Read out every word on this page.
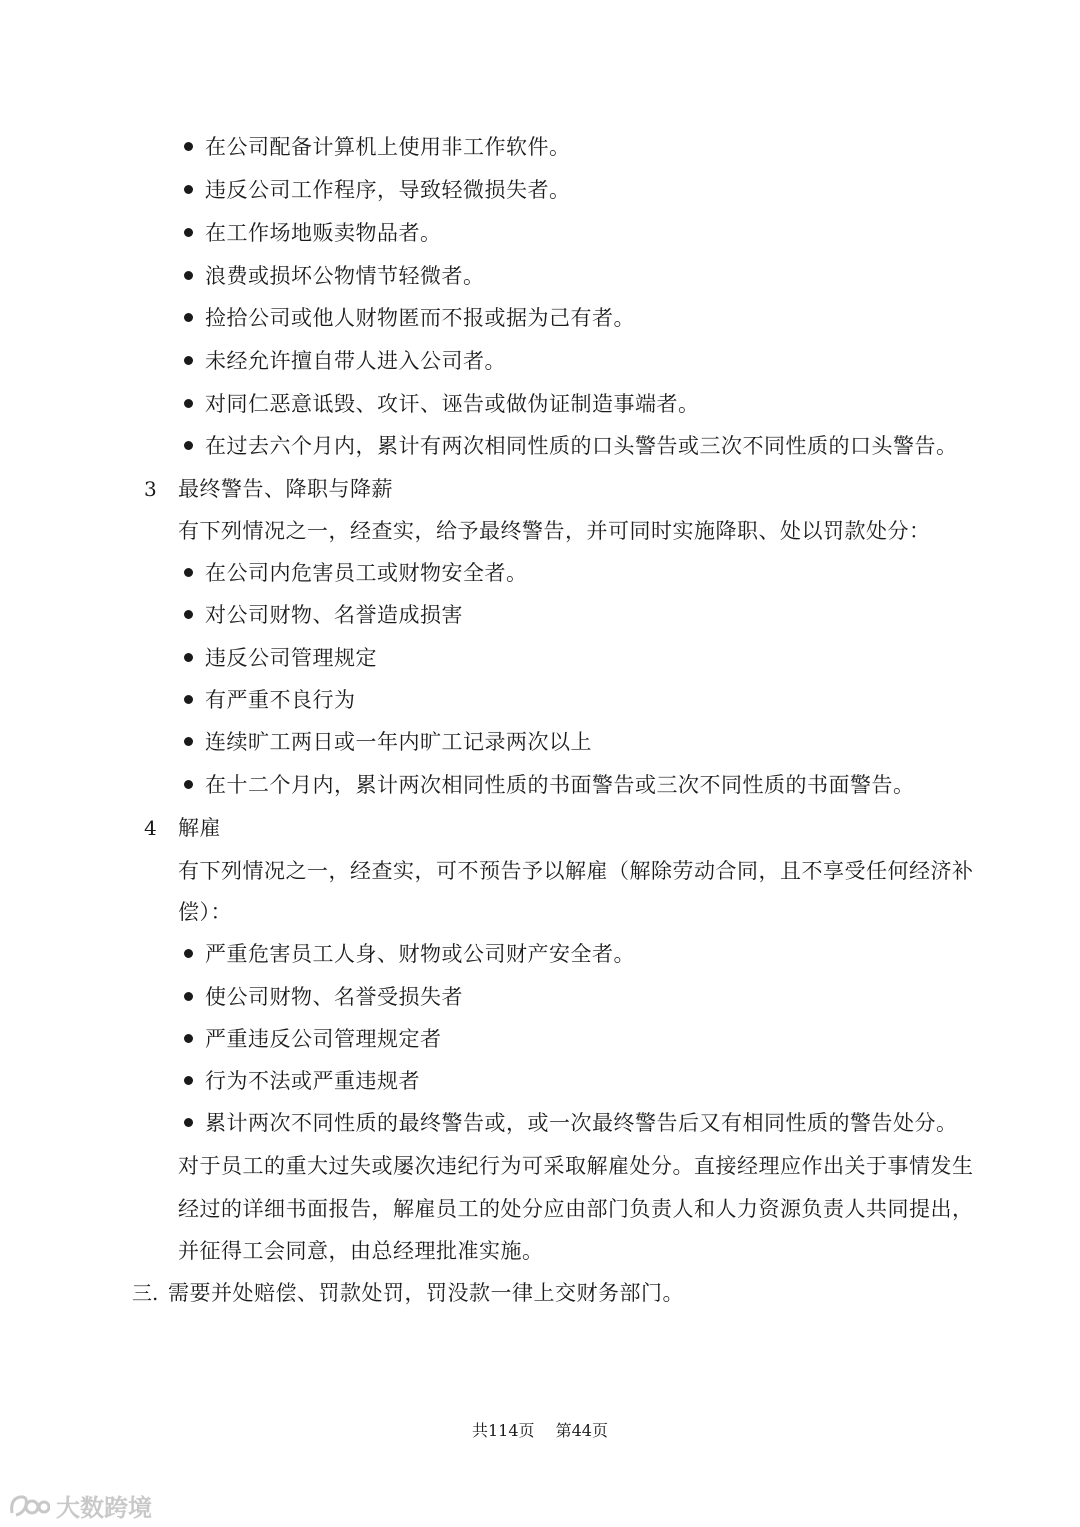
在公司配备计算机上使用非工作软件。
违反公司工作程序，导致轻微损失者。
在工作场地贩卖物品者。
浪费或损坏公物情节轻微者。
捡拾公司或他人财物匿而不报或据为己有者。
未经允许擅自带人进入公司者。
对同仁恶意诋毁、攻讦、诬告或做伪证制造事端者。
在过去六个月内，累计有两次相同性质的口头警告或三次不同性质的口头警告。
3 最终警告、降职与降薪
有下列情况之一，经查实，给予最终警告，并可同时实施降职、处以罚款处分：
在公司内危害员工或财物安全者。
对公司财物、名誉造成损害
违反公司管理规定
有严重不良行为
连续旷工两日或一年内旷工记录两次以上
在十二个月内，累计两次相同性质的书面警告或三次不同性质的书面警告。
4 解雇
有下列情况之一，经查实，可不预告予以解雇（解除劳动合同，且不享受任何经济补
偿）：
严重危害员工人身、财物或公司财产安全者。
使公司财物、名誉受损失者
严重违反公司管理规定者
行为不法或严重违规者
累计两次不同性质的最终警告或，或一次最终警告后又有相同性质的警告处分。
对于员工的重大过失或屡次违纪行为可采取解雇处分。直接经理应作出关于事情发生
经过的详细书面报告，解雇员工的处分应由部门负责人和人力资源负责人共同提出，
并征得工会同意，由总经理批准实施。
三. 需要并处赔偿、罚款处罚，罚没款一律上交财务部门。
共114页 第44页
大数跨境
